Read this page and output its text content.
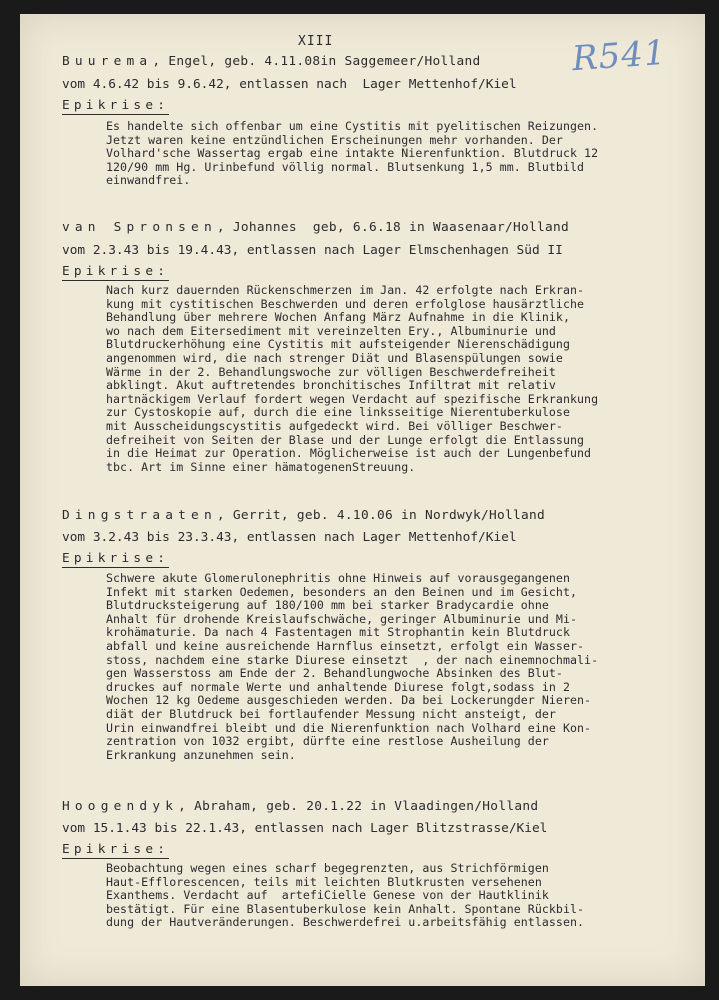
XIII	R541
Buurema, Engel, geb. 4.11.08in Saggemeer/Holland
vom 4.6.42 bis 9.6.42, entlassen nach  Lager Mettenhof/Kiel
Epikrise:
Es handelte sich offenbar um eine Cystitis mit pyelitischen Reizungen.
Jetzt waren keine entzündlichen Erscheinungen mehr vorhanden. Der
Volhard'sche Wassertag ergab eine intakte Nierenfunktion. Blutdruck 12
120/90 mm Hg. Urinbefund völlig normal. Blutsenkung 1,5 mm. Blutbild
einwandfrei.
van Spronsen, Johannes  geb, 6.6.18 in Waasenaar/Holland
vom 2.3.43 bis 19.4.43, entlassen nach Lager Elmschenhagen Süd II
Epikrise:
Nach kurz dauernden Rückenschmerzen im Jan. 42 erfolgte nach Erkran-
kung mit cystitischen Beschwerden und deren erfolglose hausärztliche
Behandlung über mehrere Wochen Anfang März Aufnahme in die Klinik,
wo nach dem Eitersediment mit vereinzelten Ery., Albuminurie und
Blutdruckerhöhung eine Cystitis mit aufsteigender Nierenschädigung
angenommen wird, die nach strenger Diät und Blasenspülungen sowie
Wärme in der 2. Behandlungswoche zur völligen Beschwerdefreiheit
abklingt. Akut auftretendes bronchitisches Infiltrat mit relativ
hartnäckigem Verlauf fordert wegen Verdacht auf spezifische Erkrankung
zur Cystoskopie auf, durch die eine linksseitige Nierentuberkulose
mit Ausscheidungscystitis aufgedeckt wird. Bei völliger Beschwer-
defreiheit von Seiten der Blase und der Lunge erfolgt die Entlassung
in die Heimat zur Operation. Möglicherweise ist auch der Lungenbefund
tbc. Art im Sinne einer hämatogenenStreuung.
Dingstraaten, Gerrit, geb. 4.10.06 in Nordwyk/Holland
vom 3.2.43 bis 23.3.43, entlassen nach Lager Mettenhof/Kiel
Epikrise:
Schwere akute Glomerulonephritis ohne Hinweis auf vorausgegangenen
Infekt mit starken Oedemen, besonders an den Beinen und im Gesicht,
Blutdrucksteigerung auf 180/100 mm bei starker Bradycardie ohne
Anhalt für drohende Kreislaufschwäche, geringer Albuminurie und Mi-
krohämaturie. Da nach 4 Fastentagen mit Strophantin kein Blutdruck
abfall und keine ausreichende Harnflus einsetzt, erfolgt ein Wasser-
stoss, nachdem eine starke Diurese einsetzt  , der nach einemnochmali-
gen Wasserstoss am Ende der 2. Behandlungwoche Absinken des Blut-
druckes auf normale Werte und anhaltende Diurese folgt,sodass in 2
Wochen 12 kg Oedeme ausgeschieden werden. Da bei Lockerungder Nieren-
diät der Blutdruck bei fortlaufender Messung nicht ansteigt, der
Urin einwandfrei bleibt und die Nierenfunktion nach Volhard eine Kon-
zentration von 1032 ergibt, dürfte eine restlose Ausheilung der
Erkrankung anzunehmen sein.
Hoogendyk, Abraham, geb. 20.1.22 in Vlaadingen/Holland
vom 15.1.43 bis 22.1.43, entlassen nach Lager Blitzstrasse/Kiel
Epikrise:
Beobachtung wegen eines scharf begegrenzten, aus Strichförmigen
Haut-Efflorescencen, teils mit leichten Blutkrusten versehenen
Exanthems. Verdacht auf  artefiCielle Genese von der Hautklinik
bestätigt. Für eine Blasentuberkulose kein Anhalt. Spontane Rückbil-
dung der Hautveränderungen. Beschwerdefrei u.arbeitsfähig entlassen.
